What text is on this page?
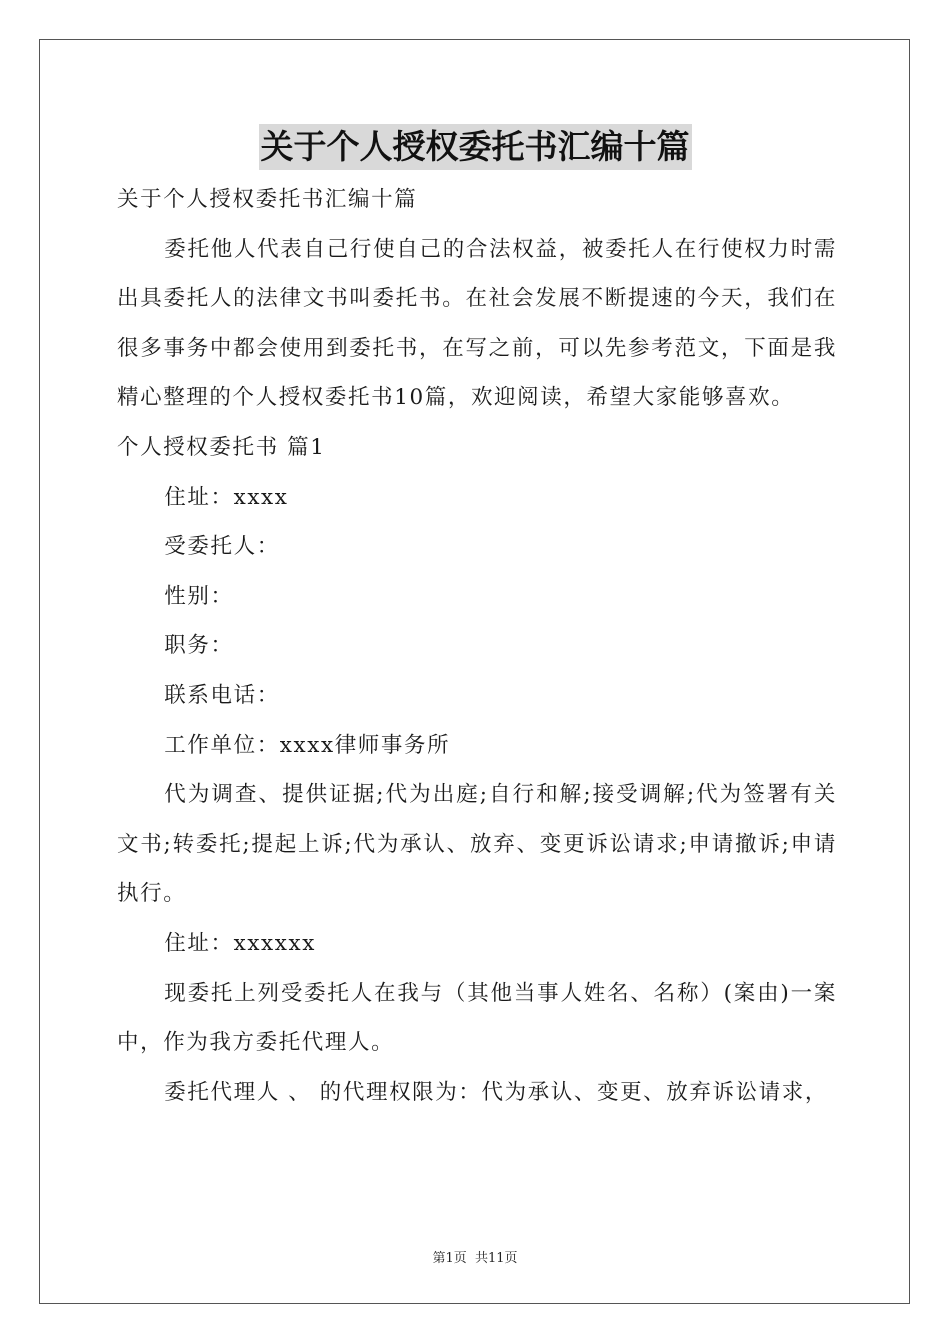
关于个人授权委托书汇编十篇

关于个人授权委托书汇编十篇

委托他人代表自己行使自己的合法权益，被委托人在行使权力时需出具委托人的法律文书叫委托书。在社会发展不断提速的今天，我们在很多事务中都会使用到委托书，在写之前，可以先参考范文，下面是我精心整理的个人授权委托书10篇，欢迎阅读，希望大家能够喜欢。

个人授权委托书 篇1

住址：xxxx

受委托人：

性别：

职务：

联系电话：

工作单位：xxxx律师事务所

代为调查、提供证据;代为出庭;自行和解;接受调解;代为签署有关文书;转委托;提起上诉;代为承认、放弃、变更诉讼请求;申请撤诉;申请执行。

住址：xxxxxx

现委托上列受委托人在我与（其他当事人姓名、名称）(案由)一案中，作为我方委托代理人。

委托代理人 、 的代理权限为：代为承认、变更、放弃诉讼请求，

第1页 共11页
